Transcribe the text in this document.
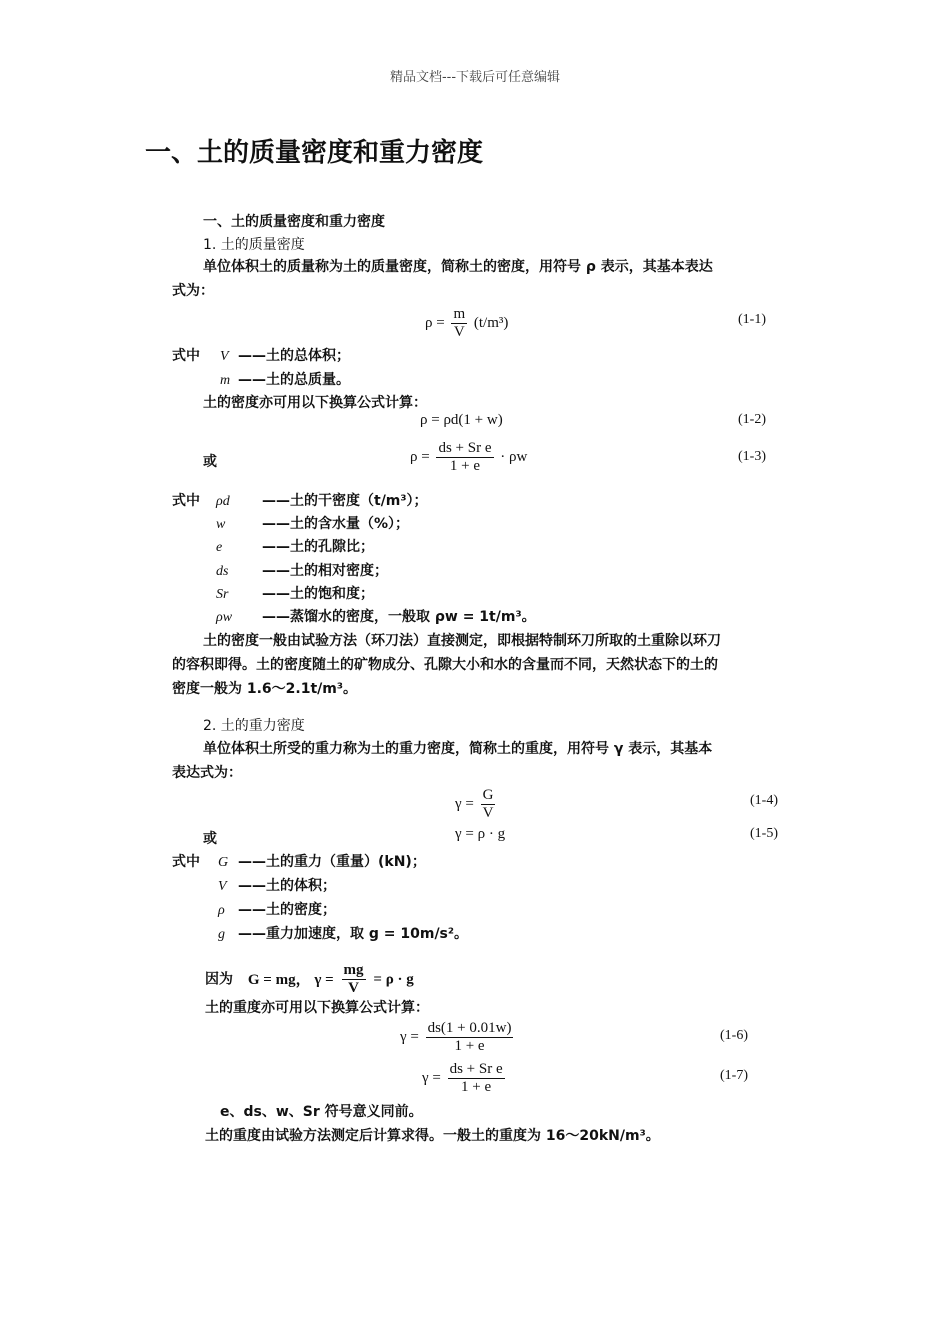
精品文档---下载后可任意编辑
一、土的质量密度和重力密度
一、土的质量密度和重力密度
1. 土的质量密度
单位体积土的质量称为土的质量密度，简称土的密度，用符号 ρ 表示，其基本表达
式为：
$\rho = \frac{m}{V} (t/m^3)$	(1-1)
式中 V ——土的总体积；
m ——土的总质量。
土的密度亦可用以下换算公式计算：
ρ = ρd(1 + w)	(1-2)
或	$\rho = \frac{\text{ds + Sr e}}{1 + e} \cdot \rho w$	(1-3)
式中 ρd ——土的干密度（t/m³）；
w	——土的含水量（%）；
e	——土的孔隙比；
ds ——土的相对密度；
Sr ——土的饱和度；
ρw ——蒸馏水的密度，一般取 ρw = 1t/m³。
土的密度一般由试验方法（环刀法）直接测定，即根据特制环刀所取的土重除以环刀
的容积即得。土的密度随土的矿物成分、孔隙大小和水的含量而不同，天然状态下的土的
密度一般为 1.6～2.1t/m³。
2. 土的重力密度
单位体积土所受的重力称为土的重力密度，简称土的重度，用符号 γ 表示，其基本
表达式为：
$\gamma = \frac{G}{V}$	(1-4)
或	γ = ρ · g	(1-5)
式中 G ——土的重力（重量）(kN)；
V ——土的体积；
ρ ——土的密度；
g ——重力加速度，取 g = 10m/s²。
因为 G = mg， $\gamma = \frac{mg}{V} = \rho \cdot g$
土的重度亦可用以下换算公式计算：
$\gamma = \frac{ds(1 + 0.01w)}{1 + e}$	(1-6)
$\gamma = \frac{\text{ds + Sr e}}{1 + e}$	(1-7)
e、ds、w、Sr 符号意义同前。
土的重度由试验方法测定后计算求得。一般土的重度为 16～20kN/m³。
